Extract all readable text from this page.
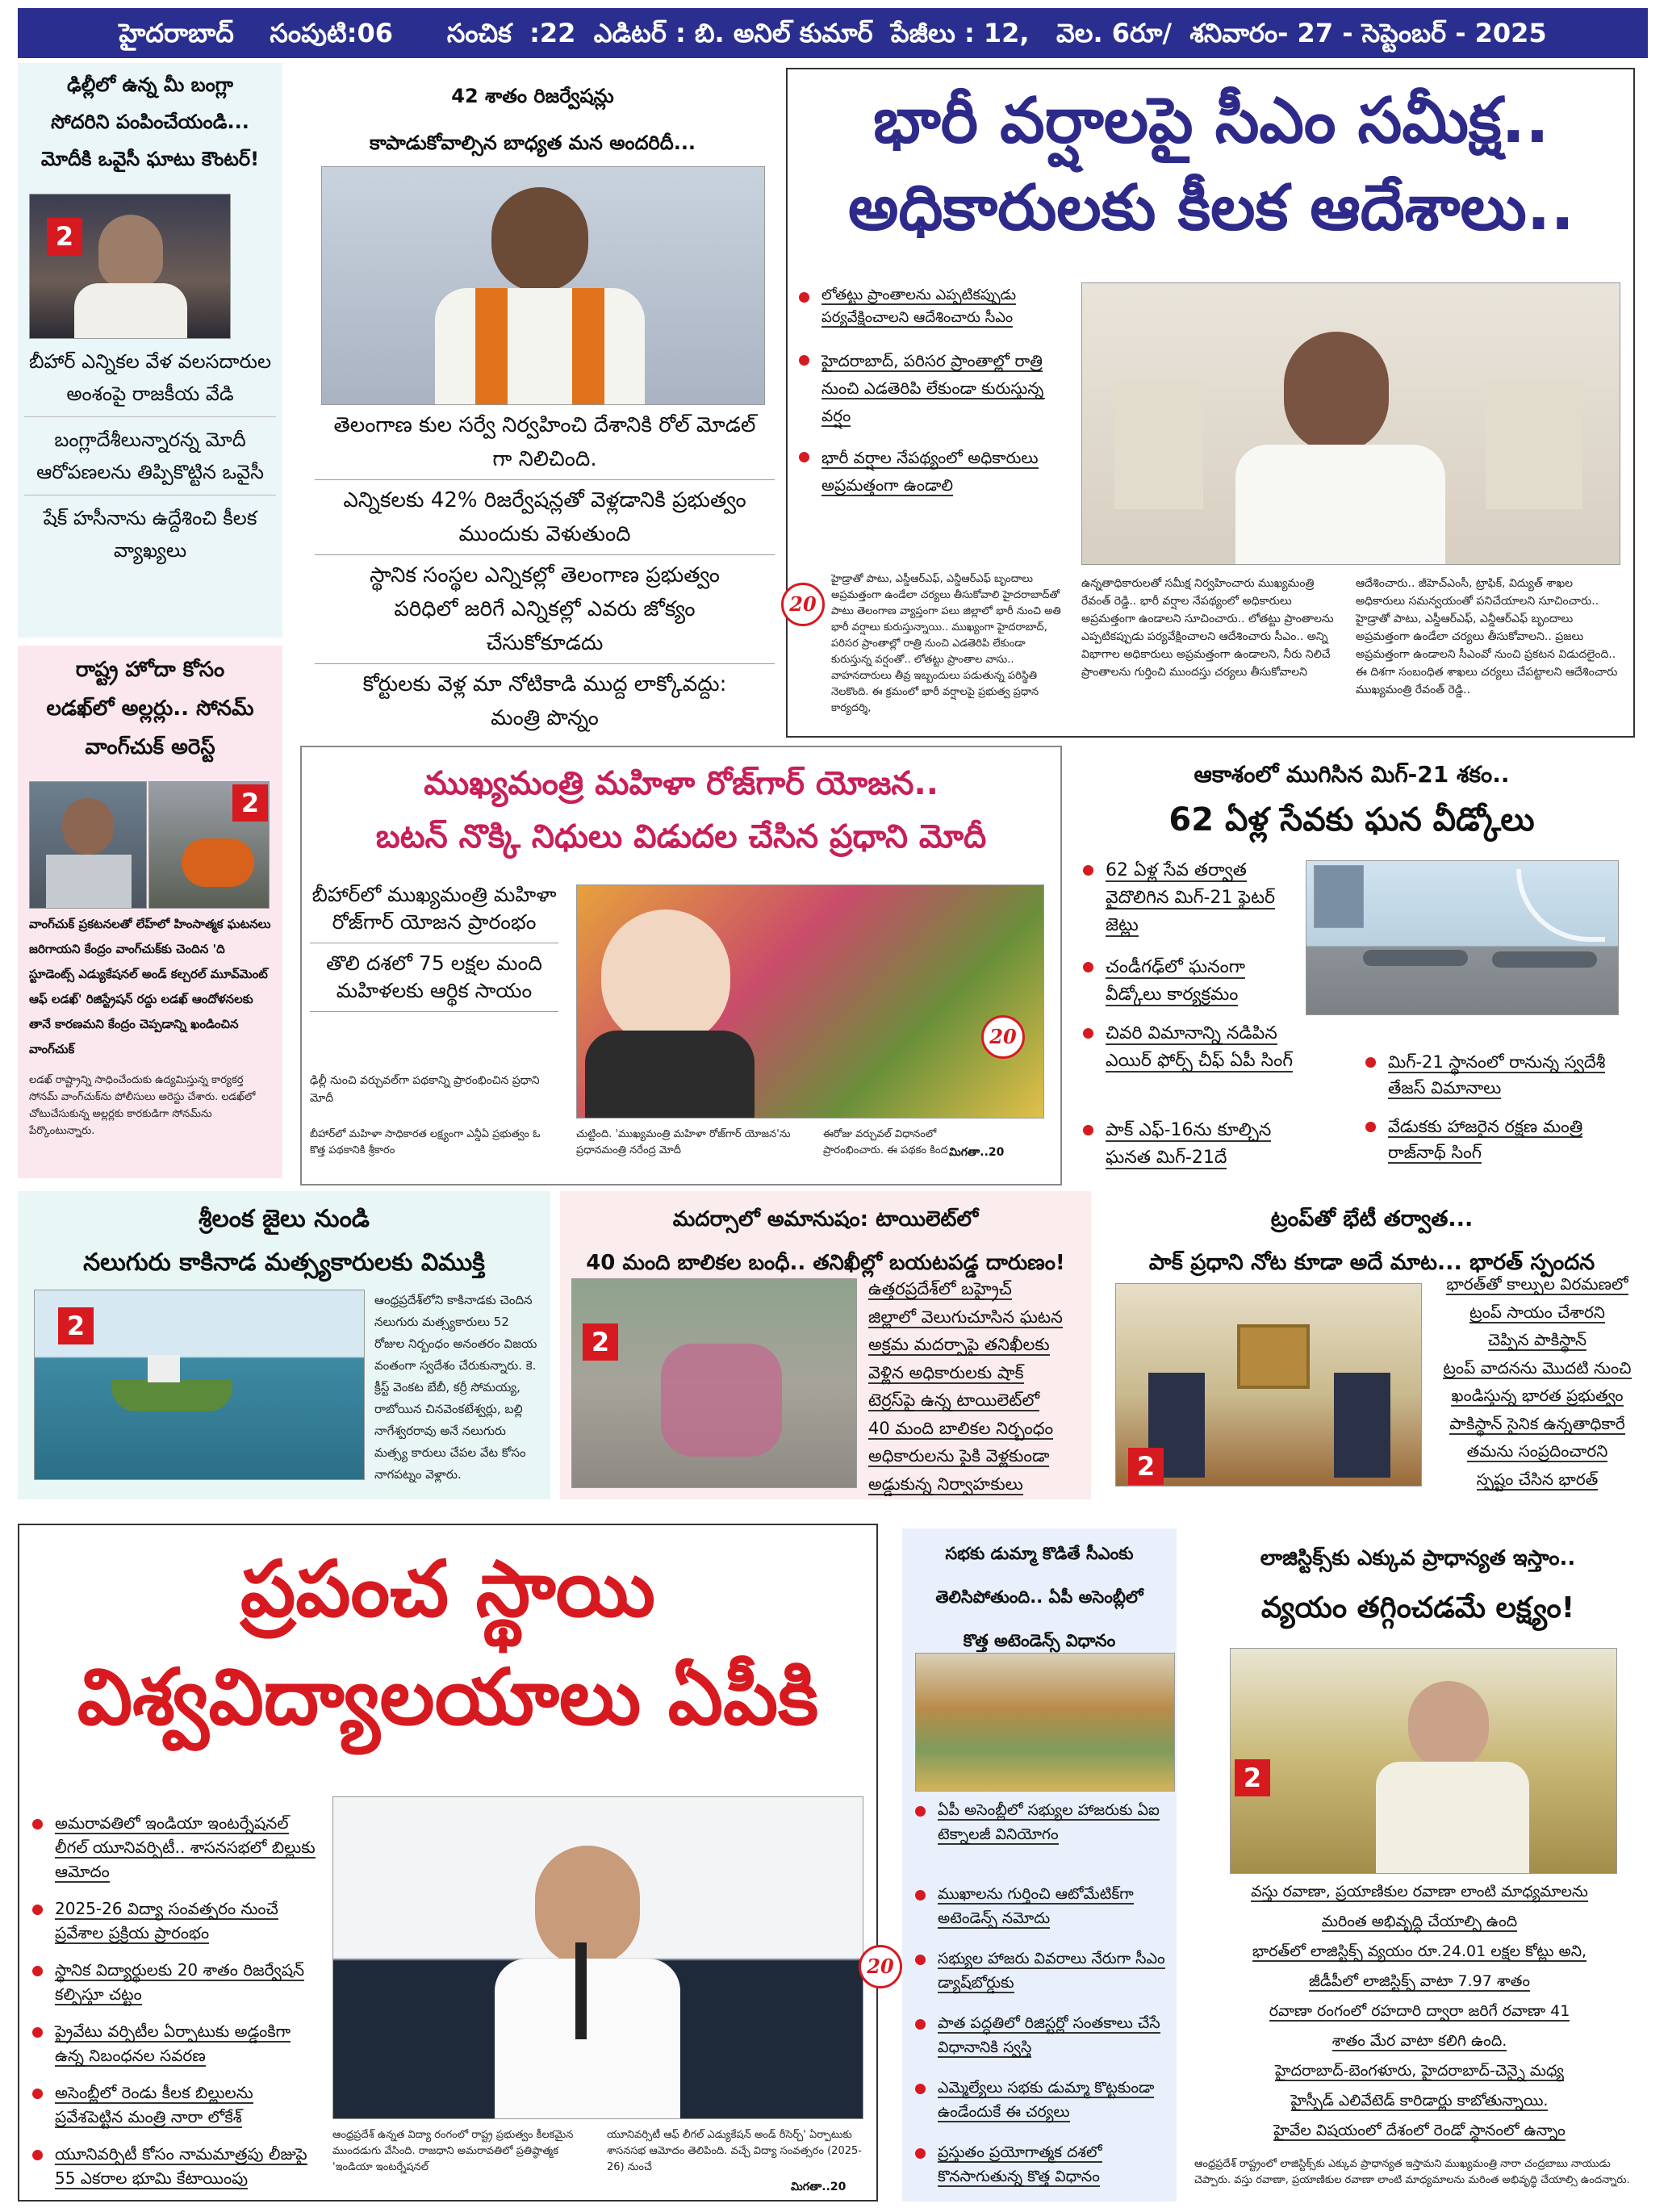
హైదరాబాద్    సంపుటి:06      సంచిక  :22  ఎడిటర్ : బి. అనిల్ కుమార్  పేజీలు : 12,   వెల. 6రూ/  శనివారం- 27 - సెప్టెంబర్ - 2025
ఢిల్లీలో ఉన్న మీ బంగ్లా
సోదరిని పంపించేయండి...
మోదీకి ఒవైసీ ఘాటు కౌంటర్!
2
బీహార్ ఎన్నికల వేళ వలసదారుల అంశంపై రాజకీయ వేడి
బంగ్లాదేశీలున్నారన్న మోదీ ఆరోపణలను తిప్పికొట్టిన ఒవైసీ
షేక్ హసీనాను ఉద్దేశించి కీలక వ్యాఖ్యలు
42 శాతం రిజర్వేషన్లు
కాపాడుకోవాల్సిన బాధ్యత మన అందరిదీ...
తెలంగాణ కుల సర్వే నిర్వహించి దేశానికి రోల్ మోడల్ గా నిలిచింది.
ఎన్నికలకు 42% రిజర్వేషన్లతో వెళ్లడానికి ప్రభుత్వం ముందుకు వెళుతుంది
స్థానిక సంస్థల ఎన్నికల్లో తెలంగాణ ప్రభుత్వం పరిధిలో జరిగే ఎన్నికల్లో ఎవరు జోక్యం చేసుకోకూడదు
కోర్టులకు వెళ్ల మా నోటికాడి ముద్ద లాక్కోవద్దు: మంత్రి పొన్నం
భారీ వర్షాలపై సీఎం సమీక్ష..
అధికారులకు కీలక ఆదేశాలు..
లోతట్టు ప్రాంతాలను ఎప్పటికప్పుడు పర్యవేక్షించాలని ఆదేశించారు సీఎం
హైదరాబాద్, పరిసర ప్రాంతాల్లో రాత్రి నుంచి ఎడతెరిపి లేకుండా కురుస్తున్న వర్షం
భారీ వర్షాల నేపథ్యంలో అధికారులు అప్రమత్తంగా ఉండాలి
20
హైడ్రాతో పాటు, ఎస్డీఆర్ఎఫ్, ఎన్డీఆర్ఎఫ్ బృందాలు అప్రమత్తంగా ఉండేలా చర్యలు తీసుకోవాలి హైదరాబాద్‌తో పాటు తెలంగాణ వ్యాప్తంగా పలు జిల్లాలో భారీ నుంచి అతి భారీ వర్షాలు కురుస్తున్నాయి.. ముఖ్యంగా హైదరాబాద్, పరిసర ప్రాంతాల్లో రాత్రి నుంచి ఎడతెరిపి లేకుండా కురుస్తున్న వర్షంతో.. లోతట్టు ప్రాంతాల వాసు.. వాహనదారులు తీవ్ర ఇబ్బందులు పడుతున్న పరిస్థితి నెలకొంది. ఈ క్రమంలో భారీ వర్షాలపై ప్రభుత్వ ప్రధాన కార్యదర్శి,
ఉన్నతాధికారులతో సమీక్ష నిర్వహించారు ముఖ్యమంత్రి రేవంత్ రెడ్డి.. భారీ వర్షాల నేపథ్యంలో అధికారులు అప్రమత్తంగా ఉండాలని సూచించారు.. లోతట్టు ప్రాంతాలను ఎప్పటికప్పుడు పర్యవేక్షించాలని ఆదేశించారు సీఎం.. అన్ని విభాగాల అధికారులు అప్రమత్తంగా ఉండాలని, నీరు నిలిచే ప్రాంతాలను గుర్తించి ముందస్తు చర్యలు తీసుకోవాలని
ఆదేశించారు.. జీహెచ్ఎంసీ, ట్రాఫిక్, విద్యుత్ శాఖల అధికారులు సమన్వయంతో పనిచేయాలని సూచించారు.. హైడ్రాతో పాటు, ఎస్డీఆర్ఎఫ్, ఎన్డీఆర్ఎఫ్ బృందాలు అప్రమత్తంగా ఉండేలా చర్యలు తీసుకోవాలని.. ప్రజలు అప్రమత్తంగా ఉండాలని సీఎంవో నుంచి ప్రకటన విడుదలైంది.. ఈ దిశగా సంబంధిత శాఖలు చర్యలు చేపట్టాలని ఆదేశించారు ముఖ్యమంత్రి రేవంత్ రెడ్డి..
రాష్ట్ర హోదా కోసం
లడఖ్‌లో అల్లర్లు.. సోనమ్
వాంగ్‌చుక్ అరెస్ట్
2
వాంగ్‌చుక్ ప్రకటనలతో లేహ్‌లో హింసాత్మక ఘటనలు జరిగాయని కేంద్రం వాంగ్‌చుక్‌కు చెందిన 'ది స్టూడెంట్స్ ఎడ్యుకేషనల్ అండ్ కల్చరల్ మూవ్‌మెంట్ ఆఫ్ లడఖ్' రిజిస్ట్రేషన్ రద్దు లడఖ్ ఆందోళనలకు తానే కారణమని కేంద్రం చెప్పడాన్ని ఖండించిన వాంగ్‌చుక్
లడఖ్ రాష్ట్రాన్ని సాధించేందుకు ఉద్యమిస్తున్న కార్యకర్త సోనమ్ వాంగ్‌చుక్‌ను పోలీసులు అరెస్టు చేశారు. లడఖ్‌లో చోటుచేసుకున్న అల్లర్లకు కారకుడిగా సోనమ్‌ను పేర్కొంటున్నారు.
ముఖ్యమంత్రి మహిళా రోజ్‌గార్ యోజన..
బటన్ నొక్కి నిధులు విడుదల చేసిన ప్రధాని మోదీ
బీహార్‌లో ముఖ్యమంత్రి మహిళా రోజ్‌గార్ యోజన ప్రారంభం
తొలి దశలో 75 లక్షల మంది మహిళలకు ఆర్థిక సాయం
ఢిల్లీ నుంచి వర్చువల్‌గా పథకాన్ని ప్రారంభించిన ప్రధాని మోదీ
బీహార్‌లో మహిళా సాధికారత లక్ష్యంగా ఎన్డీఏ ప్రభుత్వం ఓ కొత్త పథకానికి శ్రీకారం
20
చుట్టింది. 'ముఖ్యమంత్రి మహిళా రోజ్‌గార్ యోజన'ను ప్రధానమంత్రి నరేంద్ర మోదీ
ఈరోజు వర్చువల్ విధానంలో ప్రారంభించారు. ఈ పథకం కింద మిగతా..20
ఆకాశంలో ముగిసిన మిగ్-21 శకం..
62 ఏళ్ల సేవకు ఘన వీడ్కోలు
62 ఏళ్ల సేవ తర్వాత వైదొలిగిన మిగ్-21 ఫైటర్ జెట్లు
చండీగఢ్‌లో ఘనంగా వీడ్కోలు కార్యక్రమం
చివరి విమానాన్ని నడిపిన ఎయిర్ ఫోర్స్ చీఫ్ ఏపీ సింగ్
పాక్ ఎఫ్-16ను కూల్చిన ఘనత మిగ్-21దే
మిగ్-21 స్థానంలో రానున్న స్వదేశీ తేజస్ విమానాలు
వేడుకకు హాజరైన రక్షణ మంత్రి రాజ్‌నాథ్ సింగ్
శ్రీలంక జైలు నుండి
నలుగురు కాకినాడ మత్స్యకారులకు విముక్తి
2
ఆంధ్రప్రదేశ్‌లోని కాకినాడకు చెందిన నలుగురు మత్స్యకారులు 52 రోజుల నిర్బంధం అనంతరం విజయ వంతంగా స్వదేశం చేరుకున్నారు. కె. క్రీస్ట్ వెంకట బేబీ, కర్రీ సోమయ్య, రాబోయిన చినవెంకటేశ్వర్లు, బల్లి నాగేశ్వరరావు అనే నలుగురు మత్స్య కారులు చేపల వేట కోసం నాగపట్నం వెళ్లారు.
మదర్సాలో అమానుషం: టాయిలెట్‌లో
40 మంది బాలికల బంధీ.. తనిఖీల్లో బయటపడ్డ దారుణం!
2
ఉత్తరప్రదేశ్‌లో బహ్రైచ్
జిల్లాలో వెలుగుచూసిన ఘటన
అక్రమ మదర్సాపై తనిఖీలకు
వెళ్లిన అధికారులకు షాక్
టెర్రస్‌పై ఉన్న టాయిలెట్‌లో
40 మంది బాలికల నిర్బంధం
అధికారులను పైకి వెళ్లకుండా
అడ్డుకున్న నిర్వాహకులు
ట్రంప్‌తో భేటీ తర్వాత...
పాక్ ప్రధాని నోట కూడా అదే మాట... భారత్ స్పందన
2
భారత్‌తో కాల్పుల విరమణలో
ట్రంప్ సాయం చేశారని
చెప్పిన పాకిస్థాన్
ట్రంప్ వాదనను మొదటి నుంచి
ఖండిస్తున్న భారత ప్రభుత్వం
పాకిస్థాన్ సైనిక ఉన్నతాధికారే
తమను సంప్రదించారని
స్పష్టం చేసిన భారత్
ప్రపంచ స్థాయి
విశ్వవిద్యాలయాలు ఏపీకి
అమరావతిలో ఇండియా ఇంటర్నేషనల్ లీగల్ యూనివర్సిటీ.. శాసనసభలో బిల్లుకు ఆమోదం
2025-26 విద్యా సంవత్సరం నుంచే ప్రవేశాల ప్రక్రియ ప్రారంభం
స్థానిక విద్యార్థులకు 20 శాతం రిజర్వేషన్ కల్పిస్తూ చట్టం
ప్రైవేటు వర్సిటీల ఏర్పాటుకు అడ్డంకిగా ఉన్న నిబంధనల సవరణ
అసెంబ్లీలో రెండు కీలక బిల్లులను ప్రవేశపెట్టిన మంత్రి నారా లోకేశ్
యూనివర్సిటీ కోసం నామమాత్రపు లీజుపై 55 ఎకరాల భూమి కేటాయింపు
20
ఆంధ్రప్రదేశ్ ఉన్నత విద్యా రంగంలో రాష్ట్ర ప్రభుత్వం కీలకమైన ముందడుగు వేసింది. రాజధాని అమరావతిలో ప్రతిష్ఠాత్మక 'ఇండియా ఇంటర్నేషనల్
యూనివర్సిటీ ఆఫ్ లీగల్ ఎడ్యుకేషన్ అండ్ రీసెర్చ్' ఏర్పాటుకు శాసనసభ ఆమోదం తెలిపింది. వచ్చే విద్యా సంవత్సరం (2025-26) నుంచే
మిగతా..20
సభకు డుమ్మా కొడితే సీఎంకు
తెలిసిపోతుంది.. ఏపీ అసెంబ్లీలో
కొత్త అటెండెన్స్ విధానం
ఏపీ అసెంబ్లీలో సభ్యుల హాజరుకు ఏఐ టెక్నాలజీ వినియోగం
ముఖాలను గుర్తించి ఆటోమేటిక్‌గా అటెండెన్స్ నమోదు
సభ్యుల హాజరు వివరాలు నేరుగా సీఎం డ్యాష్‌బోర్డుకు
పాత పద్ధతిలో రిజిస్టర్లో సంతకాలు చేసే విధానానికి స్వస్తి
ఎమ్మెల్యేలు సభకు డుమ్మా కొట్టకుండా ఉండేందుకే ఈ చర్యలు
ప్రస్తుతం ప్రయోగాత్మక దశలో కొనసాగుతున్న కొత్త విధానం
లాజిస్టిక్స్‌కు ఎక్కువ ప్రాధాన్యత ఇస్తాం..
వ్యయం తగ్గించడమే లక్ష్యం!
2
వస్తు రవాణా, ప్రయాణికుల రవాణా లాంటి మాధ్యమాలను
మరింత అభివృద్ధి చేయాల్సి ఉంది
భారత్‌లో లాజిస్టిక్స్ వ్యయం రూ.24.01 లక్షల కోట్లు అని,
జీడీపీలో లాజిస్టిక్స్ వాటా 7.97 శాతం
రవాణా రంగంలో రహదారి ద్వారా జరిగే రవాణా 41
శాతం మేర వాటా కలిగి ఉంది.
హైదరాబాద్-బెంగళూరు, హైదరాబాద్-చెన్నై మధ్య
హైస్పీడ్ ఎలివేటెడ్ కారిడార్లు కాబోతున్నాయి.
హైవేల విషయంలో దేశంలో రెండో స్థానంలో ఉన్నాం
ఆంధ్రప్రదేశ్ రాష్ట్రంలో లాజిస్టిక్స్‌కు ఎక్కువ ప్రాధాన్యత ఇస్తామని ముఖ్యమంత్రి నారా చంద్రబాబు నాయుడు చెప్పారు. వస్తు రవాణా, ప్రయాణికుల రవాణా లాంటి మాధ్యమాలను మరింత అభివృద్ధి చేయాల్సి ఉందన్నారు.
